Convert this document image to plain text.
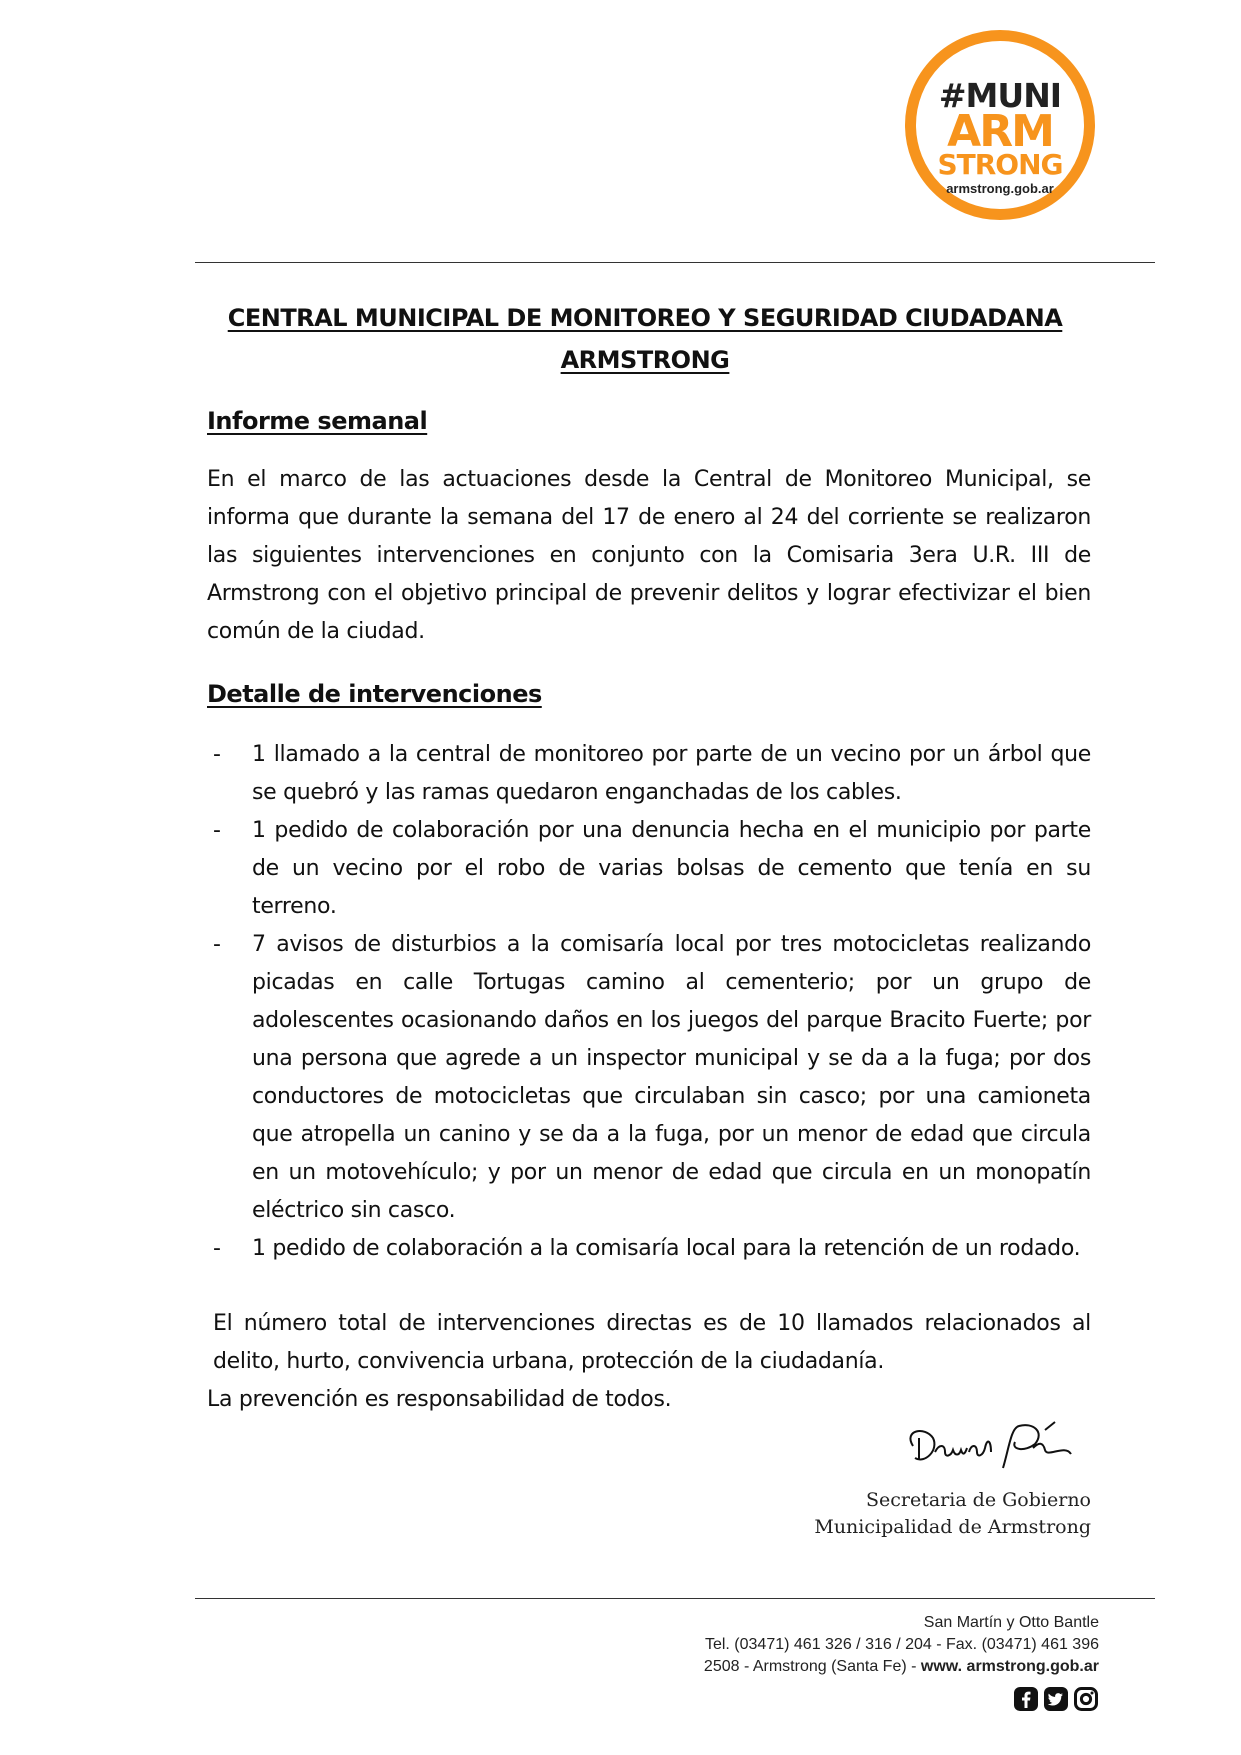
#MUNI
ARM
STRONG
armstrong.gob.ar
CENTRAL MUNICIPAL DE MONITOREO Y SEGURIDAD CIUDADANA
ARMSTRONG
Informe semanal

En el marco de las actuaciones desde la Central de Monitoreo Municipal, se informa que durante la semana del 17 de enero al 24 del corriente se realizaron las siguientes intervenciones en conjunto con la Comisaria 3era U.R. III de Armstrong con el objetivo principal de prevenir delitos y lograr efectivizar el bien común de la ciudad.

Detalle de intervenciones
- 1 llamado a la central de monitoreo por parte de un vecino por un árbol que se quebró y las ramas quedaron enganchadas de los cables.
- 1 pedido de colaboración por una denuncia hecha en el municipio por parte de un vecino por el robo de varias bolsas de cemento que tenía en su terreno.
- 7 avisos de disturbios a la comisaría local por tres motocicletas realizando picadas en calle Tortugas camino al cementerio; por un grupo de adolescentes ocasionando daños en los juegos del parque Bracito Fuerte; por una persona que agrede a un inspector municipal y se da a la fuga; por dos conductores de motocicletas que circulaban sin casco; por una camioneta que atropella un canino y se da a la fuga, por un menor de edad que circula en un motovehículo; y por un menor de edad que circula en un monopatín eléctrico sin casco.
- 1 pedido de colaboración a la comisaría local para la retención de un rodado.

El número total de intervenciones directas es de 10 llamados relacionados al delito, hurto, convivencia urbana, protección de la ciudadanía.

La prevención es responsabilidad de todos.
Secretaria de Gobierno
Municipalidad de Armstrong
San Martín y Otto Bantle
Tel. (03471) 461 326 / 316 / 204 - Fax. (03471) 461 396
2508 - Armstrong (Santa Fe) - www. armstrong.gob.ar
